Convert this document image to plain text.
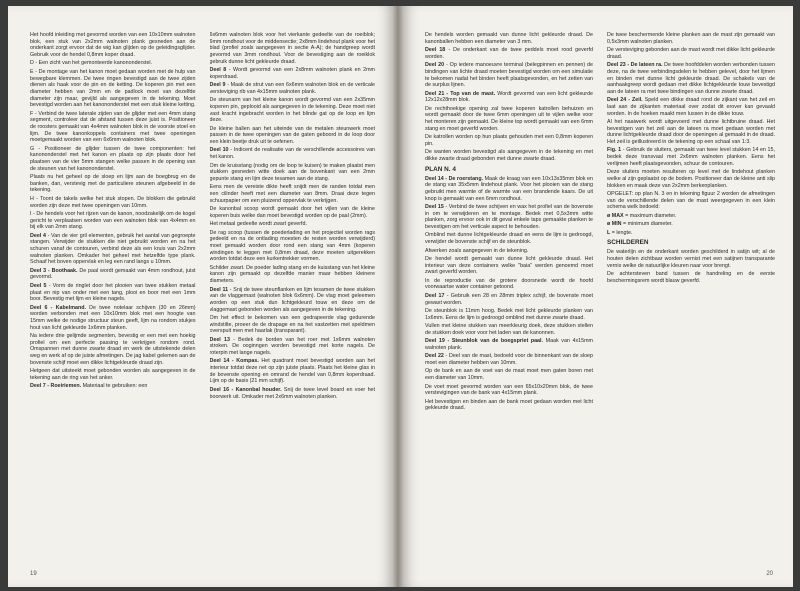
Het hoofd inleiding met gevormd worden van een 10x10mm walnoten blok, een stuk van 2x2mm walnoten plank gesneden aan de onderkant zorgt ervoor dat de wig kan glijden op de geleidingsglijder. Gebruik voor de hendel 0,8mm koper draad.

D - Een zicht van het gemonteerde kanononderstel.

E - De montage van het kanon moet gedaan worden met de hulp van bewegbare klemmen. De twee ringen bevestigd aan de twee zijden dienen als haak voor de pin en de ketting. De koperen pin met een diameter hebben van 2mm en de padlock moet van dezelfde diameter zijn maar, gevijld als aangegeven in de tekening. Moet bevestigd worden aan het kanononderstel met een stuk kleine ketting.

F - Verbind de twee laterale zijden van de glijder met een 4mm stang segment, controleer dat de afstand tussen deze juist is. Positioneer de roosters gemaakt van 4x4mm walnoten blok in de voorste stoel en lijm. De twee kanonkoppels containers met twee openingen moetgemaakt worden van een 6x6mm walnoten blok.

G - Positioneer de glijder tussen de twee componenten: het kanononderstel met het kanon en plaats op zijn plaats door het plaatsen van de vier 5mm stangen welke passen in de opening van de steunen van het kanononderstel.

Plaats nu het geheel op de sloep en lijm aan de boegbrug en de banken, dan, verstevig met de particuliere steunen afgebeeld in de tekening.

H - Toont de takels welke het stuk stopen. De blokken die gebruikt worden zijn deze met twee openingen van 10mm.

I - De hendels voor het rijzen van de kanon, noodzakelijk om de kogel gericht te verplaatsen worden van een walnoten blok van 4x4mm en bij elk van 2mm stang.

Deel 4 - Van de vier gril elementen, gebruik het aantal van gegroepte stangen. Verwijder de stukken die niet gebruikt worden en na het schuren vanaf de contouren, verbind deze als een kruis van 2x2mm walnoten planken. Omkader het geheel met hetzelfde type plank. Schaaf het boven oppervlak en leg een rand langs u 10mm.

Deel 3 - Boothaak. De paal wordt gemaakt van 4mm rondhout, juist gevormd.

Deel 5 - Vorm de ringlet door het plooien van twee stukken metaal plaat en nip van onder met een tang, plooi en boor met een 1mm boor. Bevestig met lijm en kleine nagels.

Deel 6 - Kabelmand. De twee notelaar schijven (30 en 26mm) worden verbonden met een 10x10mm blok met een hoogte van 15mm welke de nodige structuur steun geeft, lijm na rondom stukjes hout van licht gekleurde 1x6mm planken.

Na iedere drie gelijmde segmenten, bevestig er een met een hoekig profiel om een perfecte passing te verkrijgen rondom rond. Omspannen met dunne zwarte draad en werk de uitstekende delen weg en werk af op de juiste afmetingen. De jag kabel gelemen aan de bovenste schijf moet een dikke lichtgekleurde draad zijn.

Hetgeen dat uitsteekt moet gebonden worden als aangegeven in de tekening aan de ring van het anker.

Deel 7 - Roeiriemen. Materiaal te gebruiken: een

6x6mm walnoten blok voor het vierkante gedeelte van de roeiblok; 6mm rondhout voor de middensectie; 2x8mm lindehout plank voor het blad (profiel zoals aangegeven in sectie A-A); de handgreep wordt gevormd van 3mm rondhout. Voor de bevestiging aan de roeiklok gebruik dunne licht gekleurde draad.

Deel 8 - Wordt gevormd van een 2x8mm walnoten plank en 2mm koperdraad.

Deel 9 - Maak de strut van een 6x6mm walnoten blok en de verticale versteviging rib van 4x15mm walnoten plank.

De steunarm van het kleine kanon wordt gevormd van een 2x35mm koperen pin, geplooid als aangegeven in de tekening. Deze moet niet vast kracht ingebracht worden in het blinde gat op de loop en lijm deze.

De kleine ballen aan het uiteinde van de metalen steunwerk moet passen in de twee openingen van de gaten geboord in de loop door een klein beetje druk uit te oefenen.

Deel 10 - Indicent de realisatie van de verschillende accessoires van het kanon.

Om de kruisstang (nodig om de loop te kuisen) te maken plaatst men stukken gesneden witte doek aan de bovenkant van een 2mm gepunte stang en lijm deze tesamen aan de stang.

Eens men de vereiste dikte heeft snijdt men de randen totdat men een cilinder heeft met een diameter van 8mm. Draai deze tegen schuurpapier om een pluizend oppervlak te verkrijgen.

De kanonbal scoop wordt gemaakt door het vijlen van de kleine koperen buis welke dan moet bevestigd worden op de paal (2mm).

Het metaal gedeelte wordt zwart geverfd.

De rag scoop (tussen de poederlading en het projectiel worden rags gedeeld en na de ontlading moesten de resten worden verwijderd) moet gemaakt worden door rond een stang van 4mm (koperen windingen te leggen met 0,8mm draad, deze moeten uitgerekken worden totdat deze een kurkentrekker vormen.

Schilder zwart. De poeder lading stang en de kuisstang van het kleine kanon zijn gemaakt op dezelfde manier maar hebben kleinere diameters.

Deel 11 - Snij de twee steunflanken en lijm tesamen de twee stukken van de vlaggemast (walnoten blok 6x6mm). De vlag moet geleemen worden op een stuk dun lichtgekleurd touw en deze om de vlaggemast gebonden worden als aangegeven in de tekening.

Om het effect te bekomen van een gedrapeerde vlag gedurende windstilte, proeer de de drapage en na het vastzetten met speldmen overspuit men met haarlak (transparant).

Deel 13 - Bedek de borden van het roer met 1x6mm walnoten stroken. De ooginngen worden bevestigd met korte nagels. De roterpin met lange nagels.

Deel 14 - Kompas. Het quadrant moet bevestigd worden aan het interieur totdat deze net op zijn juiste plaats. Plaats het kleine glas in de bovenste opening en omrand de hendel van 0,8mm koperdraad. Lijm op de basis (21 mm schijf).

Deel 16 - Kanonbal houder. Snij de twee level board en voer het boorwerk uit. Omkader met 2x6mm walnoten planken.

19

De hendels worden gemaakt van dunne licht gekleurde draad. De kanonballen hebben een diameter van 3 mm.

Deel 18 - De onderkant van de twee peddels moet rood geverfd worden.

Deel 20 - Op iedere manoeuvre terminal (belegpinnen en pennen) de bindingen van lichte draad moeten bevestigd worden om een simulatie te bekomen nadat het binden heeft plaatsgevonden, en het zetten van de surplus lijnen.

Deel 21 - Top van de mast. Wordt gevormd van een licht gekleurde 12x12x28mm blok.

De rechthoekige opening zal twee koperen katrollen behuizen en wordt gemaakt door de twee 6mm openingen uit te vijlen welke voor het monteren zijn gemaakt. De kleine top wordt gemaakt van een 6mm stang en moet geverfd worden.

De katrollen worden op hun plaats gehouden met een 0,8mm koperen pin.

De wanten worden bevestigd als aangegeven in de tekening en met dikke zwarte draad gebonden met dunne zwarte draad.

PLAN N. 4

Deel 14 - De roerstang. Maak de kraag van een 10x13x35mm blok en de stang van 35x5mm lindehout plank. Voor het plooien van de stang gebruikt men warmte of de warmte van een brandende kaars. De uit knop is gemaakt van een 6mm rondhout.

Deel 15 - Verbind de twee schijven en wax het profiel van de bovenste in om te verwijderen en te montage. Bedek met 0,5x3mm witte planken, zorg ervoor ook in dit geval enkele taps gemaakte planken te bevestigen om het verticale aspect te behouden.

Omblind met dunne lichtgekleurde draad en eens de lijm is gedroogd, verwijder de bovenste schijf en de steunblok.

Afwerken zoals aangegeven in de tekening.

De hendel wordt gemaakt van dunne licht gekleurde draad. Het interieur van deze containers welke "baia" werden genoemd moet zwart geverfd worden.

In de reproductie van de grotere doorsnede wordt de hoofd voorwaartse water container getoond.

Deel 17 - Gebruik een 28 en 28mm triplex schijf, de bovenste moet gewaxt worden.

De steunblok is 11mm hoog. Bedek met licht gekleurde planken van 1x6mm. Eens de lijm is gedroogd omblind met dunne zwarte draad.

Vullen met kleine stukken van meerkleurig doek, deze stukken stellen de stukken doek voor voor het laden van de kanonnen.

Deel 19 - Steunblok van de boegspriet paal. Maak van 4x15mm walnoten plank.

Deel 22 - Deel van de mast, bedoeld voor de binnenkant van de sloep moet een diameter hebben van 10mm.

Op de bank en aan de voet van de mast moet men gaten boren met een diameter van 10mm.

De voet moet gevormd worden van een 65x10x20mm blok, de twee verstevigingen van de bank van 4x15mm plank.

Het bevestigen en binden aan de bank moet gedaan worden met licht gekleurde draad.

De twee beschermende kleine planken aan de mast zijn gemaakt van 0,5x3mm walnoten planken.

De versteviging gebonden aan de mast wordt met dikke licht gekleurde draad.

Deel 23 - De lateen ra. De twee hoofddelen worden verbonden tussen deze, na de twee verbindingsdelen te hebben gelevel, door het lijmen en binden met dunne licht gekleurde draad. De schakels van de aanhaakgreep wordt gedaan met dikke lichtgekleurde touw bevestigd aan de lateen ra met twee bindingen van dunne zwarte draad.

Deel 24 - Zeil. Speld een dikke draad rond de zijkant van het zeil en laat aan de zijkanten materiaal over zodat dit erover kan gevaald worden. In de hoeken maakt men lussen in de dikke touw.

Al het naaiwerk wordt uitgevoerd met dunne lichtbruine draad. Het bevestigen van het zeil aan de lateen ra moet gedaan worden met dunne lichtgekleurde draad door de openingen al gemaakt in de draad. Het zeil is geillustreerd in de tekening op een schaal van 1:3.

Fig. 1 - Gebruik de sluiters, gemaakt van twee level stukken 14 en 15, bedek deze transvaal met 2x6mm walnoten planken. Eens het verlijmen heeft plaatsgevonden, schuur de contouren.

Deze sluiters moeten resulteren op level met de lindehout planken welke al zijn geplaatst op de bodem. Positioneer dan de kleine anti slip blokken en maak deze van 2x2mm berkenplanken.

OPGELET: op plan N. 3 en in tekening figuur 2 worden de afmetingen van de verschillende delen van de mast weergegeven in een klein schema welk bedoeld:

ø MAX = maximum diameter.

ø MIN = minimum diameter.

L = lengte.

SCHILDEREN

De waterlijn en de onderkant worden geschilderd in satijn wit; al de houten delen zichtbaar worden vernist met een satijnen transparante vernis welke de natuurlijke kleuren naar voor brengt.

De achtersteven band tussen de handreling en de eerste beschermingsrem wordt blauw geverfd.

20
